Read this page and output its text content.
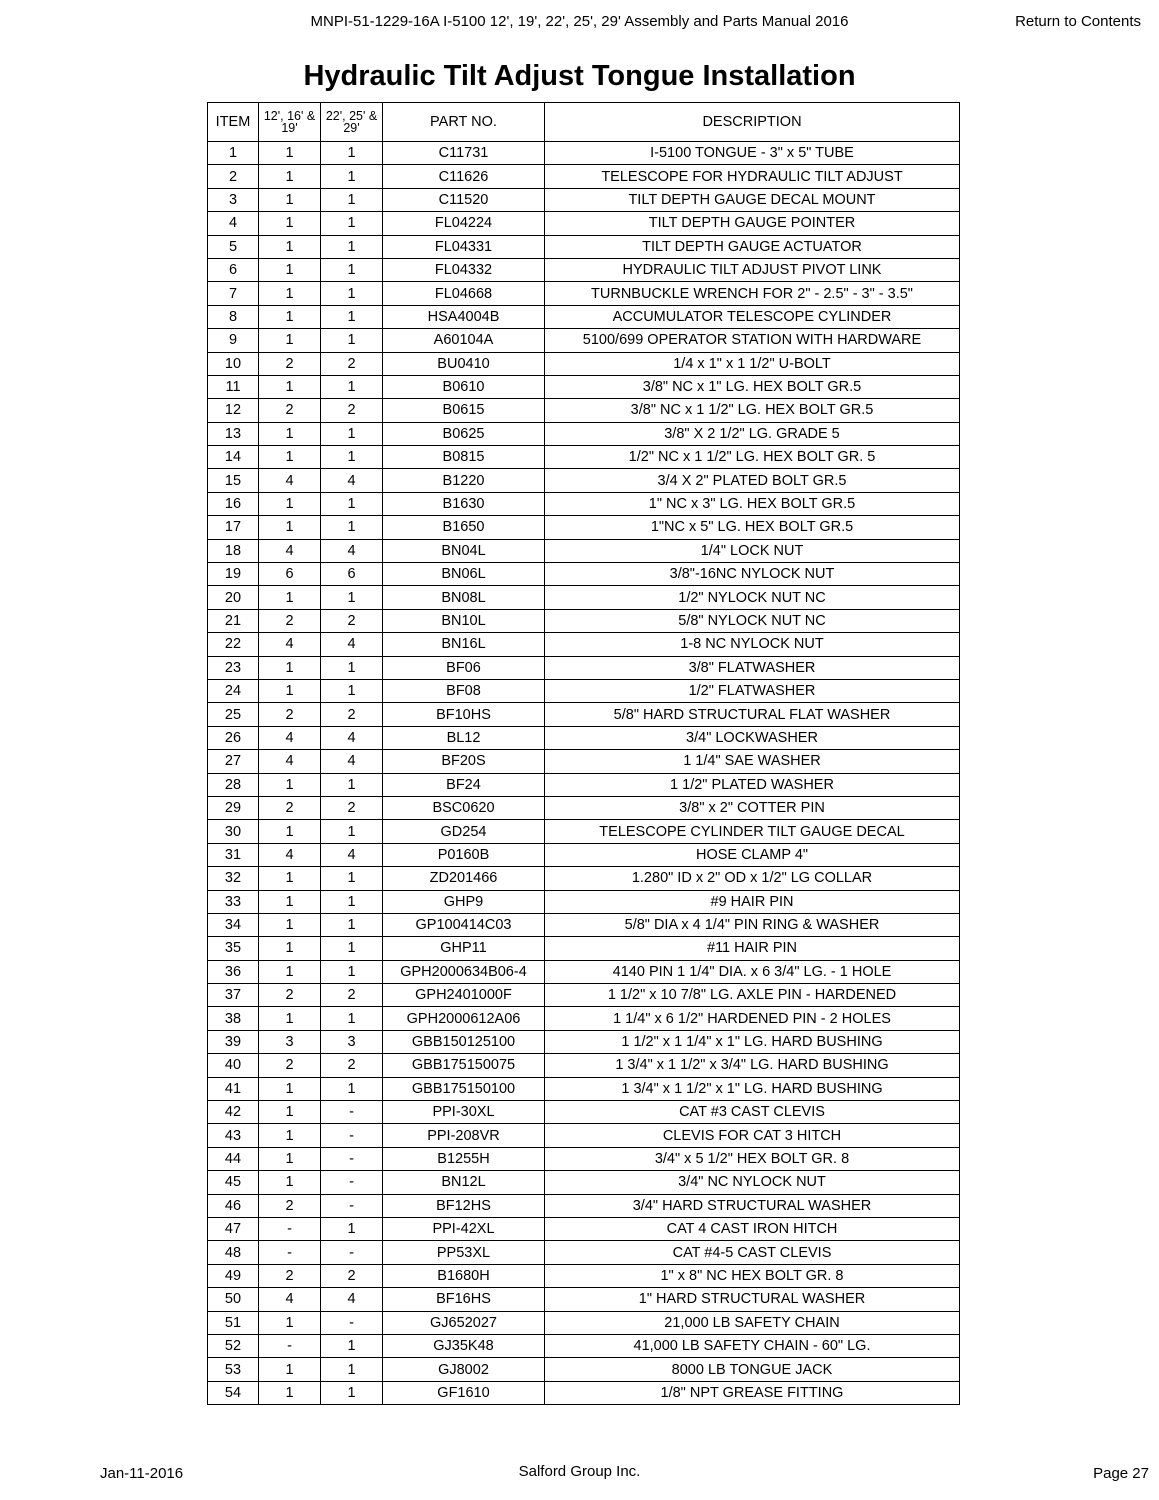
MNPI-51-1229-16A I-5100 12', 19', 22', 25', 29' Assembly and Parts Manual 2016	Return to Contents
Hydraulic Tilt Adjust Tongue Installation
ITEM	12', 16' & 19'	22', 25' & 29'	PART NO.	DESCRIPTION
1	1	1	C11731	I-5100 TONGUE - 3" x 5" TUBE
2	1	1	C11626	TELESCOPE FOR HYDRAULIC TILT ADJUST
3	1	1	C11520	TILT DEPTH GAUGE DECAL MOUNT
4	1	1	FL04224	TILT DEPTH GAUGE POINTER
5	1	1	FL04331	TILT DEPTH GAUGE ACTUATOR
6	1	1	FL04332	HYDRAULIC TILT ADJUST PIVOT LINK
7	1	1	FL04668	TURNBUCKLE WRENCH FOR 2" - 2.5" - 3" - 3.5"
8	1	1	HSA4004B	ACCUMULATOR TELESCOPE CYLINDER
9	1	1	A60104A	5100/699 OPERATOR STATION WITH HARDWARE
10	2	2	BU0410	1/4 x 1" x 1 1/2" U-BOLT
11	1	1	B0610	3/8" NC x 1" LG. HEX BOLT GR.5
12	2	2	B0615	3/8" NC x 1 1/2" LG. HEX BOLT GR.5
13	1	1	B0625	3/8" X 2 1/2" LG. GRADE 5
14	1	1	B0815	1/2" NC x 1 1/2" LG. HEX BOLT GR. 5
15	4	4	B1220	3/4 X 2" PLATED BOLT GR.5
16	1	1	B1630	1" NC x 3" LG. HEX BOLT GR.5
17	1	1	B1650	1"NC x 5" LG. HEX BOLT GR.5
18	4	4	BN04L	1/4" LOCK NUT
19	6	6	BN06L	3/8"-16NC NYLOCK NUT
20	1	1	BN08L	1/2" NYLOCK NUT NC
21	2	2	BN10L	5/8" NYLOCK NUT NC
22	4	4	BN16L	1-8 NC NYLOCK NUT
23	1	1	BF06	3/8" FLATWASHER
24	1	1	BF08	1/2" FLATWASHER
25	2	2	BF10HS	5/8" HARD STRUCTURAL FLAT WASHER
26	4	4	BL12	3/4" LOCKWASHER
27	4	4	BF20S	1 1/4" SAE WASHER
28	1	1	BF24	1 1/2" PLATED WASHER
29	2	2	BSC0620	3/8" x 2" COTTER PIN
30	1	1	GD254	TELESCOPE CYLINDER TILT GAUGE DECAL
31	4	4	P0160B	HOSE CLAMP 4"
32	1	1	ZD201466	1.280" ID x 2" OD x 1/2" LG COLLAR
33	1	1	GHP9	#9 HAIR PIN
34	1	1	GP100414C03	5/8" DIA x 4 1/4" PIN RING & WASHER
35	1	1	GHP11	#11 HAIR PIN
36	1	1	GPH2000634B06-4	4140 PIN 1 1/4" DIA. x 6 3/4" LG. - 1 HOLE
37	2	2	GPH2401000F	1 1/2" x 10 7/8" LG. AXLE PIN - HARDENED
38	1	1	GPH2000612A06	1 1/4" x 6 1/2" HARDENED PIN - 2 HOLES
39	3	3	GBB150125100	1 1/2" x 1 1/4" x 1" LG. HARD BUSHING
40	2	2	GBB175150075	1 3/4" x 1 1/2" x 3/4" LG. HARD BUSHING
41	1	1	GBB175150100	1 3/4" x 1 1/2" x 1" LG. HARD BUSHING
42	1	-	PPI-30XL	CAT #3 CAST CLEVIS
43	1	-	PPI-208VR	CLEVIS FOR CAT 3 HITCH
44	1	-	B1255H	3/4" x 5 1/2" HEX BOLT GR. 8
45	1	-	BN12L	3/4" NC NYLOCK NUT
46	2	-	BF12HS	3/4" HARD STRUCTURAL WASHER
47	-	1	PPI-42XL	CAT 4 CAST IRON HITCH
48	-	-	PP53XL	CAT #4-5 CAST CLEVIS
49	2	2	B1680H	1" x 8" NC HEX BOLT GR. 8
50	4	4	BF16HS	1" HARD STRUCTURAL WASHER
51	1	-	GJ652027	21,000 LB SAFETY CHAIN
52	-	1	GJ35K48	41,000 LB SAFETY CHAIN - 60" LG.
53	1	1	GJ8002	8000 LB TONGUE JACK
54	1	1	GF1610	1/8" NPT GREASE FITTING
Jan-11-2016	Salford Group Inc.	Page 27
